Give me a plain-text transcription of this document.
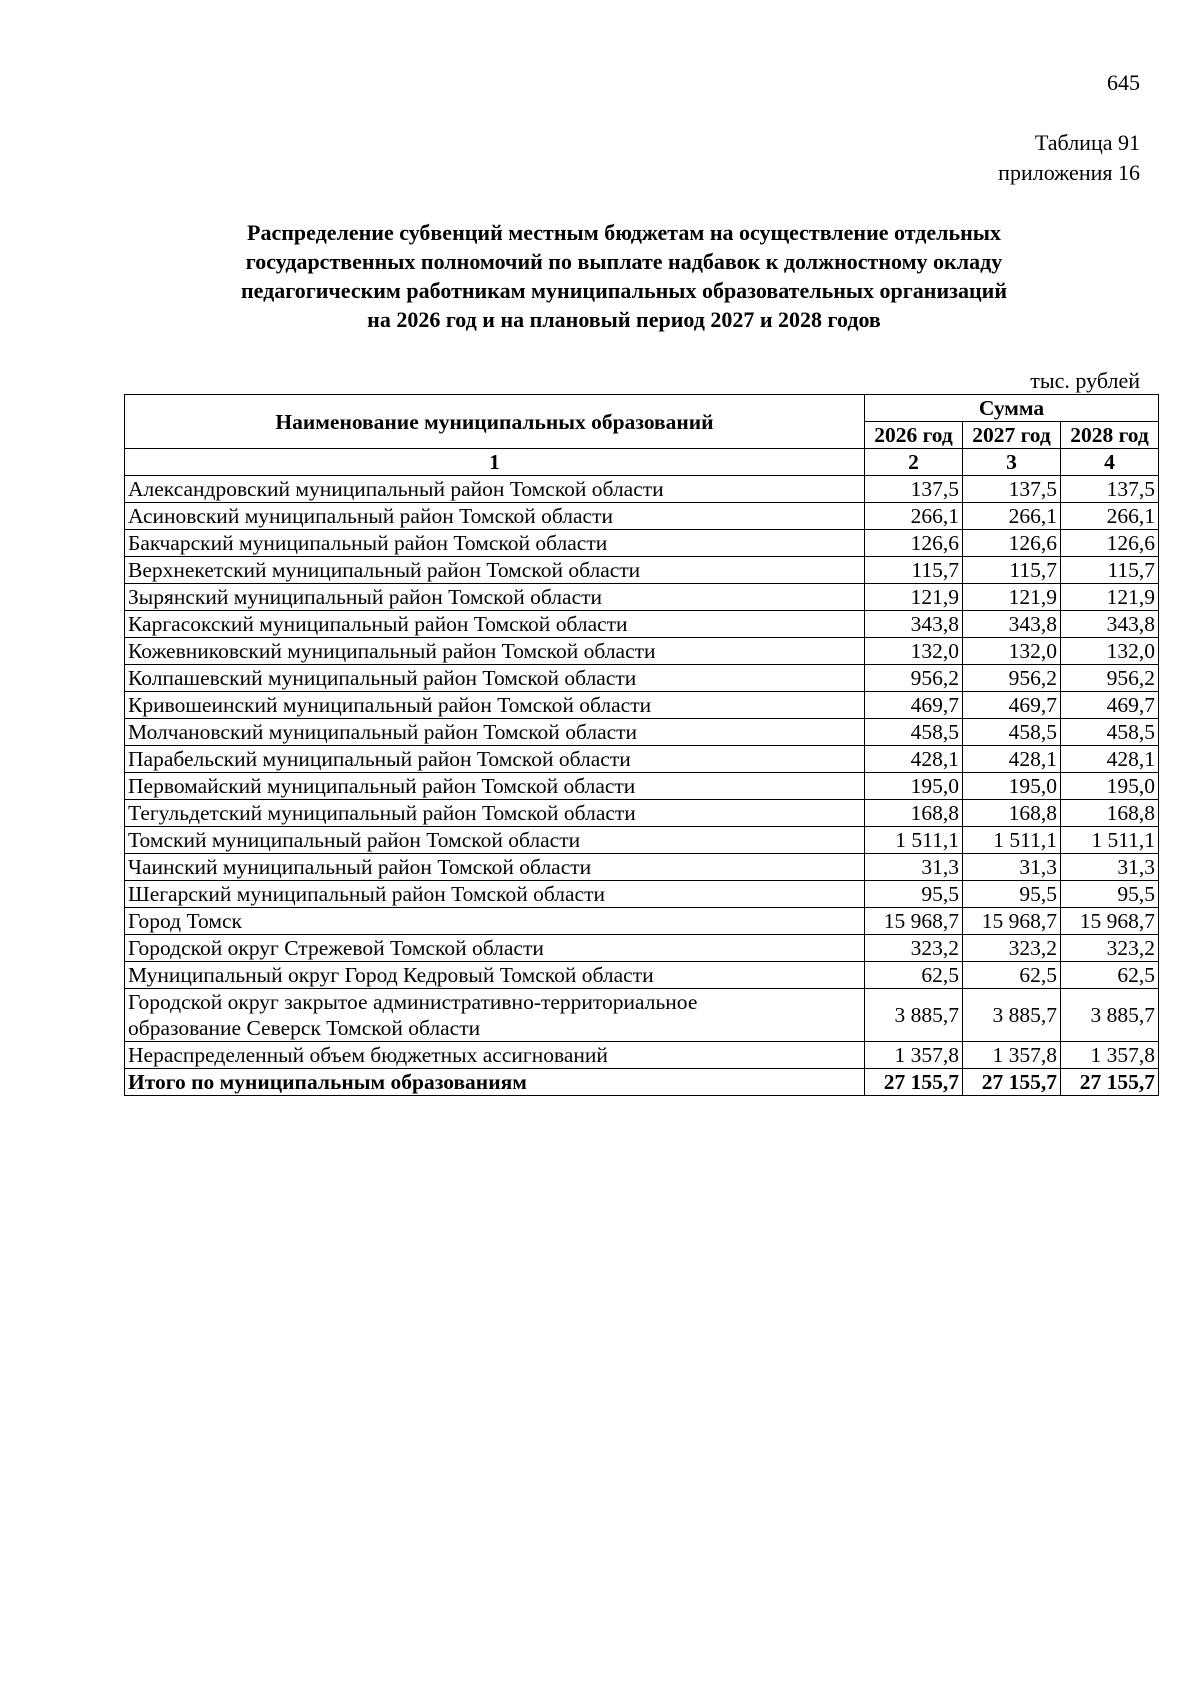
645
Таблица 91
приложения 16
Распределение субвенций местным бюджетам на осуществление отдельных
государственных полномочий по выплате надбавок к должностному окладу
педагогическим работникам муниципальных образовательных организаций
на 2026 год и на плановый период 2027 и 2028 годов
тыс. рублей
Наименование муниципальных образований	Сумма		
	2026 год	2027 год	2028 год
1	2	3	4
Александровский муниципальный район Томской области	137,5	137,5	137,5
Асиновский муниципальный район Томской области	266,1	266,1	266,1
Бакчарский муниципальный район Томской области	126,6	126,6	126,6
Верхнекетский муниципальный район Томской области	115,7	115,7	115,7
Зырянский муниципальный район Томской области	121,9	121,9	121,9
Каргасокский муниципальный район Томской области	343,8	343,8	343,8
Кожевниковский муниципальный район Томской области	132,0	132,0	132,0
Колпашевский муниципальный район Томской области	956,2	956,2	956,2
Кривошеинский муниципальный район Томской области	469,7	469,7	469,7
Молчановский муниципальный район Томской области	458,5	458,5	458,5
Парабельский муниципальный район Томской области	428,1	428,1	428,1
Первомайский муниципальный район Томской области	195,0	195,0	195,0
Тегульдетский муниципальный район Томской области	168,8	168,8	168,8
Томский муниципальный район Томской области	1 511,1	1 511,1	1 511,1
Чаинский муниципальный район Томской области	31,3	31,3	31,3
Шегарский муниципальный район Томской области	95,5	95,5	95,5
Город Томск	15 968,7	15 968,7	15 968,7
Городской округ Стрежевой Томской области	323,2	323,2	323,2
Муниципальный округ Город Кедровый Томской области	62,5	62,5	62,5

Городской округ закрытое административно-территориальное
образование Северск Томской области	3 885,7	3 885,7	3 885,7
Нераспределенный объем бюджетных ассигнований	1 357,8	1 357,8	1 357,8
Итого по муниципальным образованиям	27 155,7	27 155,7	27 155,7
